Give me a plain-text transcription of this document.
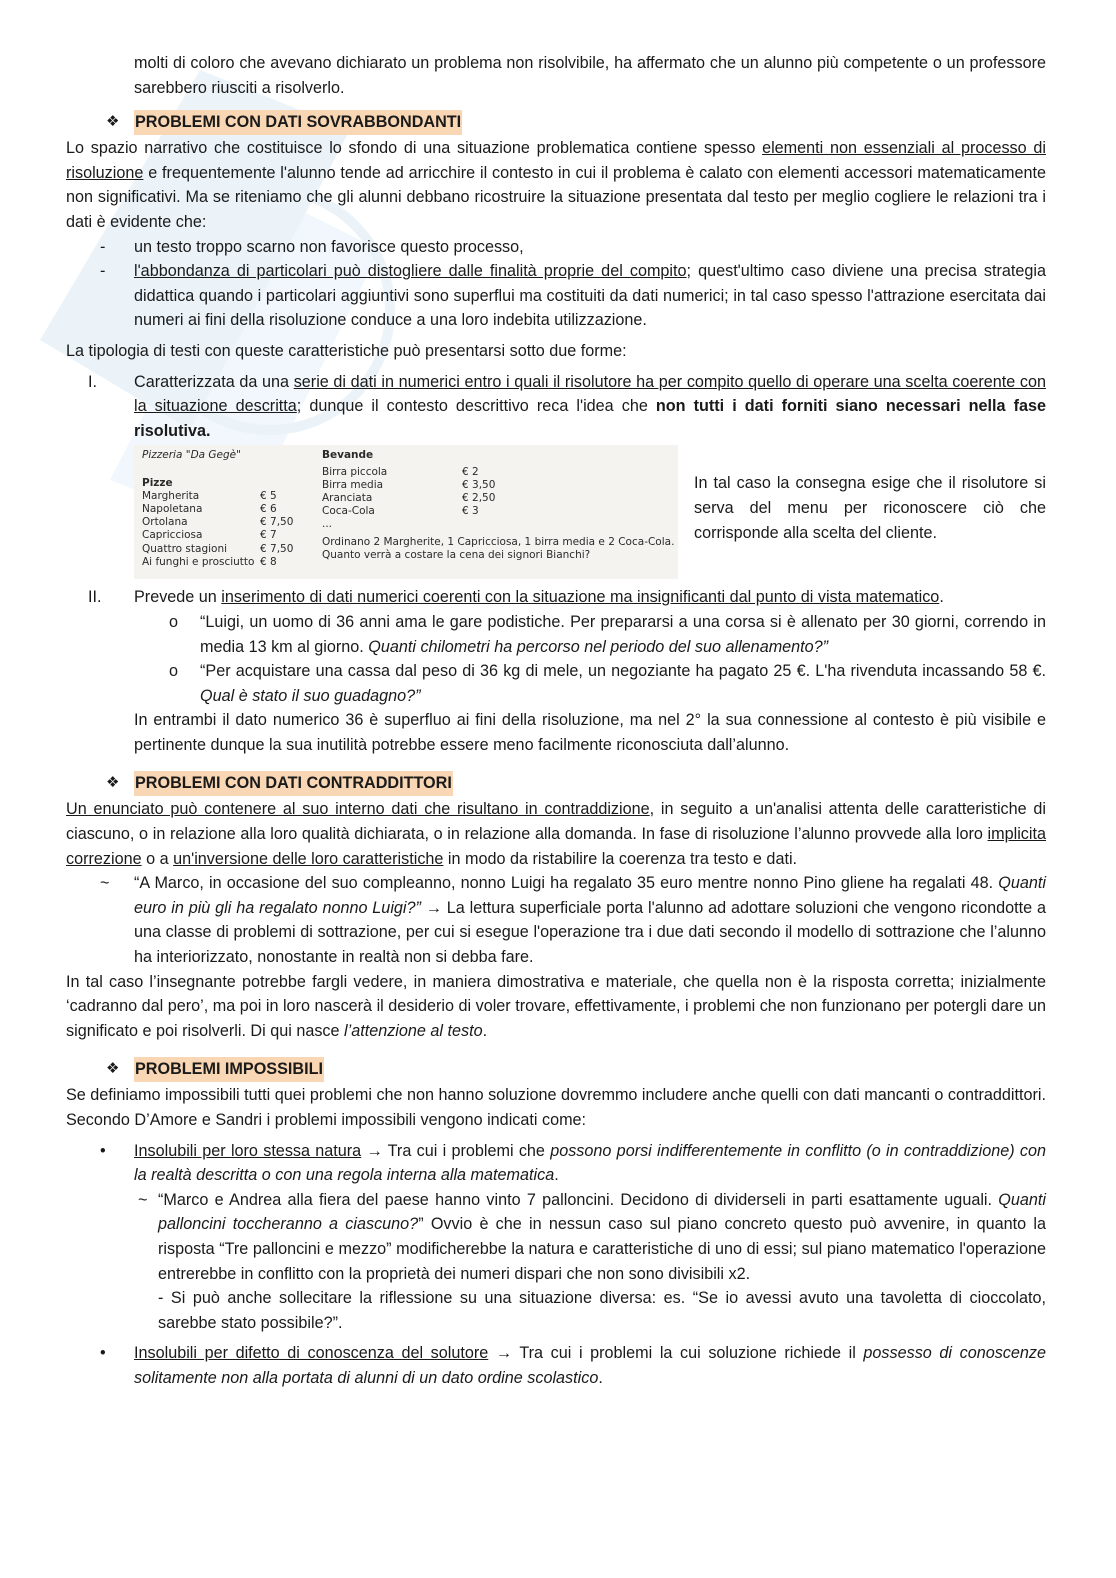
molti di coloro che avevano dichiarato un problema non risolvibile, ha affermato che un alunno più competente o un professore sarebbero riusciti a risolverlo.

❖ PROBLEMI CON DATI SOVRABBONDANTI

Lo spazio narrativo che costituisce lo sfondo di una situazione problematica contiene spesso elementi non essenziali al processo di risoluzione e frequentemente l'alunno tende ad arricchire il contesto in cui il problema è calato con elementi accessori matematicamente non significativi. Ma se riteniamo che gli alunni debbano ricostruire la situazione presentata dal testo per meglio cogliere le relazioni tra i dati è evidente che:

- un testo troppo scarno non favorisce questo processo,
- l'abbondanza di particolari può distogliere dalle finalità proprie del compito; quest'ultimo caso diviene una precisa strategia didattica quando i particolari aggiuntivi sono superflui ma costituiti da dati numerici; in tal caso spesso l'attrazione esercitata dai numeri ai fini della risoluzione conduce a una loro indebita utilizzazione.

La tipologia di testi con queste caratteristiche può presentarsi sotto due forme:

I. Caratterizzata da una serie di dati in numerici entro i quali il risolutore ha per compito quello di operare una scelta coerente con la situazione descritta; dunque il contesto descrittivo reca l'idea che non tutti i dati forniti siano necessari nella fase risolutiva.
Pizzeria "Da Gegè"
Pizze
Margherita	€ 5
Napoletana	€ 6
Ortolana	€ 7,50
Capricciosa	€ 7
Quattro stagioni	€ 7,50
Ai funghi e prosciutto € 8
Bevande
Birra piccola	€ 2
Birra media	€ 3,50
Aranciata	€ 2,50
Coca-Cola	€ 3
...
Ordinano 2 Margherite, 1 Capricciosa, 1 birra media e 2 Coca-Cola.
Quanto verrà a costare la cena dei signori Bianchi?
In tal caso la consegna esige che il risolutore si serva del menu per riconoscere ciò che corrisponde alla scelta del cliente.
II. Prevede un inserimento di dati numerici coerenti con la situazione ma insignificanti dal punto di vista matematico.
o “Luigi, un uomo di 36 anni ama le gare podistiche. Per prepararsi a una corsa si è allenato per 30 giorni, correndo in media 13 km al giorno. Quanti chilometri ha percorso nel periodo del suo allenamento?”
o “Per acquistare una cassa dal peso di 36 kg di mele, un negoziante ha pagato 25 €. L'ha rivenduta incassando 58 €. Qual è stato il suo guadagno?”

In entrambi il dato numerico 36 è superfluo ai fini della risoluzione, ma nel 2° la sua connessione al contesto è più visibile e pertinente dunque la sua inutilità potrebbe essere meno facilmente riconosciuta dall’alunno.

❖ PROBLEMI CON DATI CONTRADDITTORI

Un enunciato può contenere al suo interno dati che risultano in contraddizione, in seguito a un'analisi attenta delle caratteristiche di ciascuno, o in relazione alla loro qualità dichiarata, o in relazione alla domanda. In fase di risoluzione l’alunno provvede alla loro implicita correzione o a un'inversione delle loro caratteristiche in modo da ristabilire la coerenza tra testo e dati.

~ “A Marco, in occasione del suo compleanno, nonno Luigi ha regalato 35 euro mentre nonno Pino gliene ha regalati 48. Quanti euro in più gli ha regalato nonno Luigi?” → La lettura superficiale porta l'alunno ad adottare soluzioni che vengono ricondotte a una classe di problemi di sottrazione, per cui si esegue l'operazione tra i due dati secondo il modello di sottrazione che l’alunno ha interiorizzato, nonostante in realtà non si debba fare.

In tal caso l’insegnante potrebbe fargli vedere, in maniera dimostrativa e materiale, che quella non è la risposta corretta; inizialmente ‘cadranno dal pero’, ma poi in loro nascerà il desiderio di voler trovare, effettivamente, i problemi che non funzionano per potergli dare un significato e poi risolverli. Di qui nasce l’attenzione al testo.

❖ PROBLEMI IMPOSSIBILI

Se definiamo impossibili tutti quei problemi che non hanno soluzione dovremmo includere anche quelli con dati mancanti o contraddittori. Secondo D’Amore e Sandri i problemi impossibili vengono indicati come:

• Insolubili per loro stessa natura → Tra cui i problemi che possono porsi indifferentemente in conflitto (o in contraddizione) con la realtà descritta o con una regola interna alla matematica.
~ “Marco e Andrea alla fiera del paese hanno vinto 7 palloncini. Decidono di dividerseli in parti esattamente uguali. Quanti palloncini toccheranno a ciascuno?” Ovvio è che in nessun caso sul piano concreto questo può avvenire, in quanto la risposta “Tre palloncini e mezzo” modificherebbe la natura e caratteristiche di uno di essi; sul piano matematico l'operazione entrerebbe in conflitto con la proprietà dei numeri dispari che non sono divisibili x2.
- Si può anche sollecitare la riflessione su una situazione diversa: es. “Se io avessi avuto una tavoletta di cioccolato, sarebbe stato possibile?”.
• Insolubili per difetto di conoscenza del solutore → Tra cui i problemi la cui soluzione richiede il possesso di conoscenze solitamente non alla portata di alunni di un dato ordine scolastico.
